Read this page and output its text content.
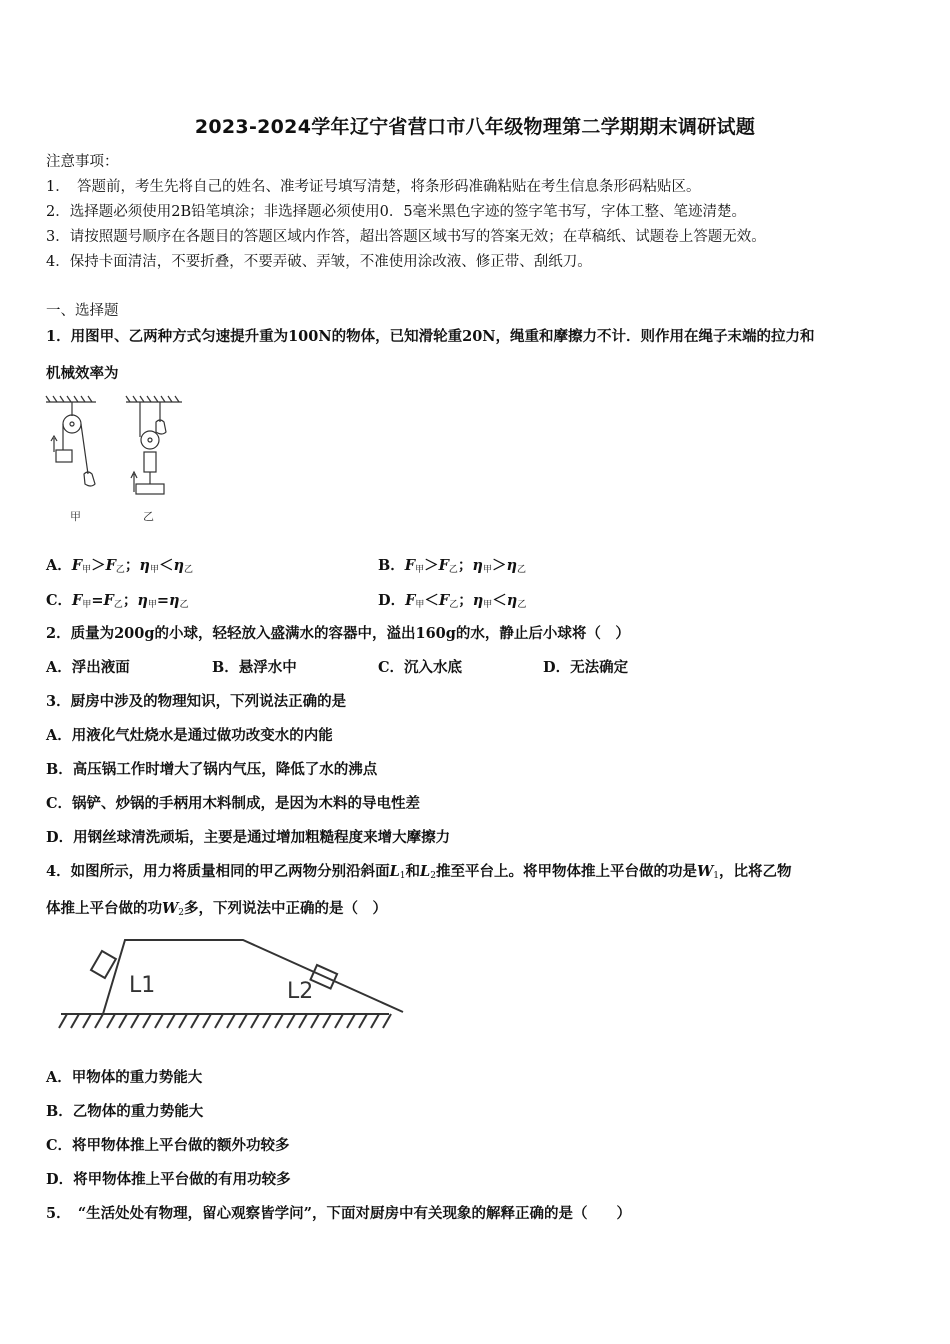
2023-2024学年辽宁省营口市八年级物理第二学期期末调研试题
注意事项：
1．　答题前，考生先将自己的姓名、准考证号填写清楚，将条形码准确粘贴在考生信息条形码粘贴区。
2．选择题必须使用2B铅笔填涂；非选择题必须使用0．5毫米黑色字迹的签字笔书写，字体工整、笔迹清楚。
3．请按照题号顺序在各题目的答题区域内作答，超出答题区域书写的答案无效；在草稿纸、试题卷上答题无效。
4．保持卡面清洁，不要折叠，不要弄破、弄皱，不准使用涂改液、修正带、刮纸刀。
一、选择题
1．用图甲、乙两种方式匀速提升重为100N的物体，已知滑轮重20N，绳重和摩擦力不计．则作用在绳子末端的拉力和
机械效率为
甲	乙
A．$F_甲>F_乙$；$\eta_甲<\eta_乙$	B．$F_甲>F_乙$；$\eta_甲>\eta_乙$
C．$F_甲=F_乙$；$\eta_甲=\eta_乙$	D．$F_甲<F_乙$；$\eta_甲<\eta_乙$
2．质量为200g的小球，轻轻放入盛满水的容器中，溢出160g的水，静止后小球将（　）
A．浮出液面	B．悬浮水中	C．沉入水底	D．无法确定
3．厨房中涉及的物理知识，下列说法正确的是
A．用液化气灶烧水是通过做功改变水的内能
B．高压锅工作时增大了锅内气压，降低了水的沸点
C．锅铲、炒锅的手柄用木料制成，是因为木料的导电性差
D．用钢丝球清洗顽垢，主要是通过增加粗糙程度来增大摩擦力
4．如图所示，用力将质量相同的甲乙两物分别沿斜面$L_1$和$L_2$推至平台上。将甲物体推上平台做的功是$W_1$，比将乙物
体推上平台做的功$W_2$多，下列说法中正确的是（　）
L1	L2
A．甲物体的重力势能大
B．乙物体的重力势能大
C．将甲物体推上平台做的额外功较多
D．将甲物体推上平台做的有用功较多
5．　“生活处处有物理，留心观察皆学问”，下面对厨房中有关现象的解释正确的是（　　）
